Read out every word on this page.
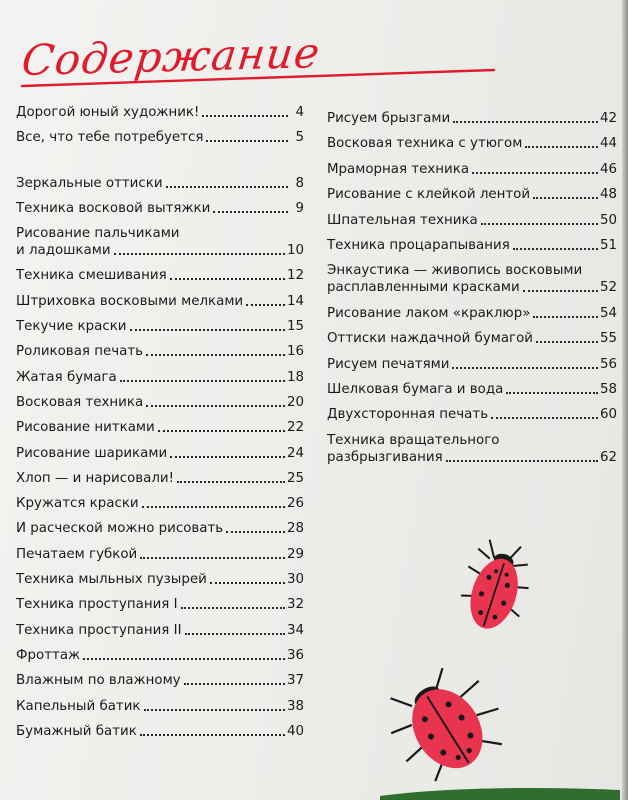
Содержание
Дорогой юный художник!	4
Все, что тебе потребуется	5
Зеркальные оттиски	8
Техника восковой вытяжки	9
Рисование пальчиками
и ладошками	10
Техника смешивания	12
Штриховка восковыми мелками	14
Текучие краски	15
Роликовая печать	16
Жатая бумага	18
Восковая техника	20
Рисование нитками	22
Рисование шариками	24
Хлоп — и нарисовали!	25
Кружатся краски	26
И расческой можно рисовать	28
Печатаем губкой	29
Техника мыльных пузырей	30
Техника проступания I	32
Техника проступания II	34
Фроттаж	36
Влажным по влажному	37
Капельный батик	38
Бумажный батик	40
Рисуем брызгами	42
Восковая техника с утюгом	44
Мраморная техника	46
Рисование с клейкой лентой	48
Шпательная техника	50
Техника процарапывания	51
Энкаустика — живопись восковыми
расплавленными красками	52
Рисование лаком «краклюр»	54
Оттиски наждачной бумагой	55
Рисуем печатями	56
Шелковая бумага и вода	58
Двухсторонная печать	60
Техника вращательного
разбрызгивания	62
